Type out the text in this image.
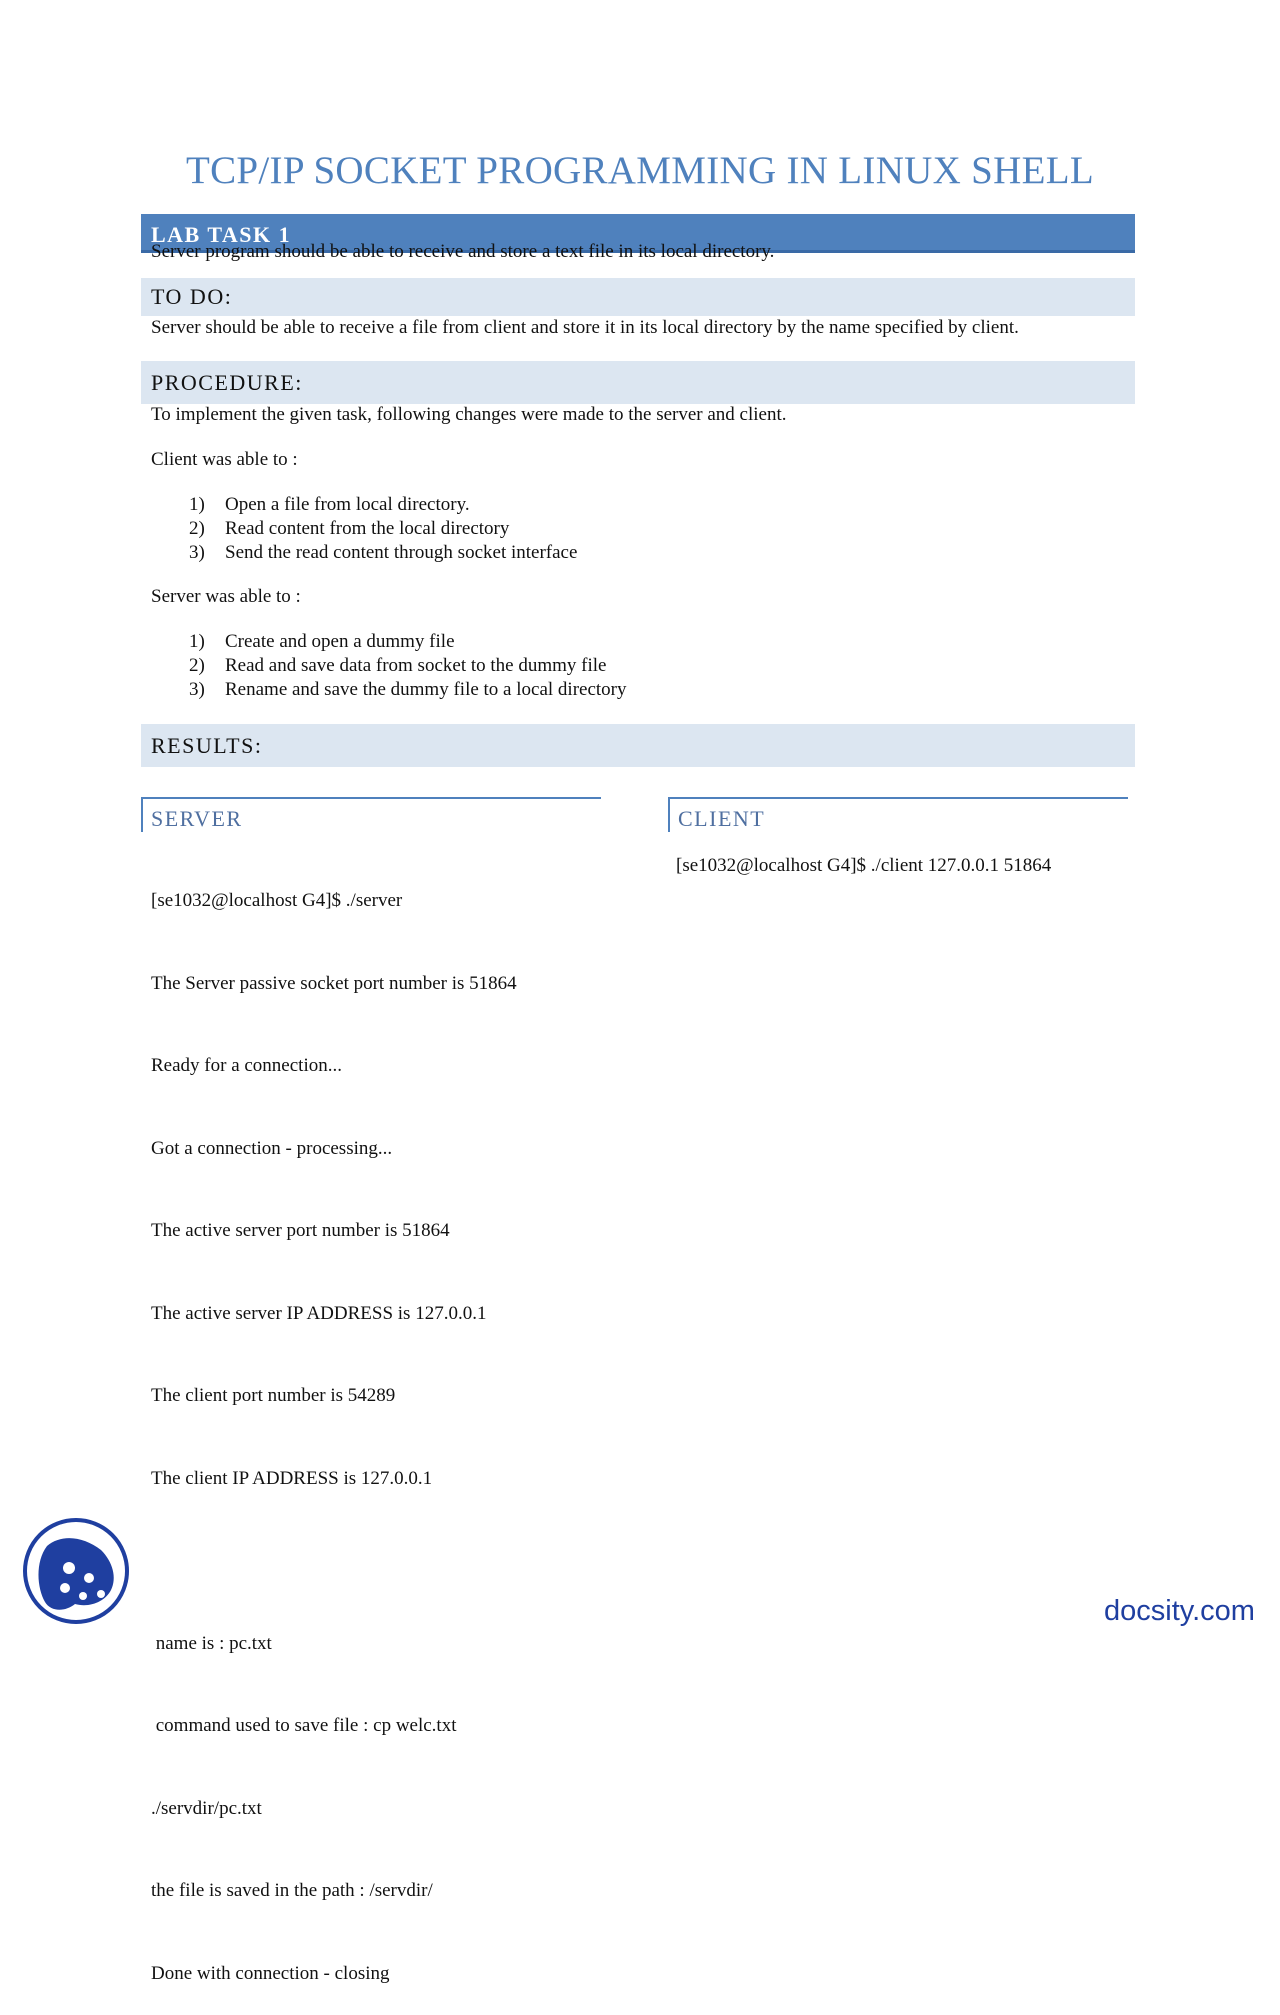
TCP/IP SOCKET PROGRAMMING IN LINUX SHELL
LAB TASK 1

Server program should be able to receive and store a text file in its local directory.

TO DO:

Server should be able to receive a file from client and store it in its local directory by the name specified by client.

PROCEDURE:

To implement the given task, following changes were made to the server and client.

Client was able to :

1) Open a file from local directory.
2) Read content from the local directory
3) Send the read content through socket interface

Server was able to :

1) Create and open a dummy file
2) Read and save data from socket to the dummy file
3) Rename and save the dummy file to a local directory
RESULTS:
SERVER

[se1032@localhost G4]$ ./server

The Server passive socket port number is 51864

Ready for a connection...

Got a connection - processing...

The active server port number is 51864

The active server IP ADDRESS is 127.0.0.1

The client port number is 54289

The client IP ADDRESS is 127.0.0.1

name is : pc.txt

command used to save file : cp welc.txt

./servdir/pc.txt

the file is saved in the path : /servdir/

Done with connection - closing

CLIENT
[se1032@localhost G4]$ ./client 127.0.0.1 51864
docsity.com
